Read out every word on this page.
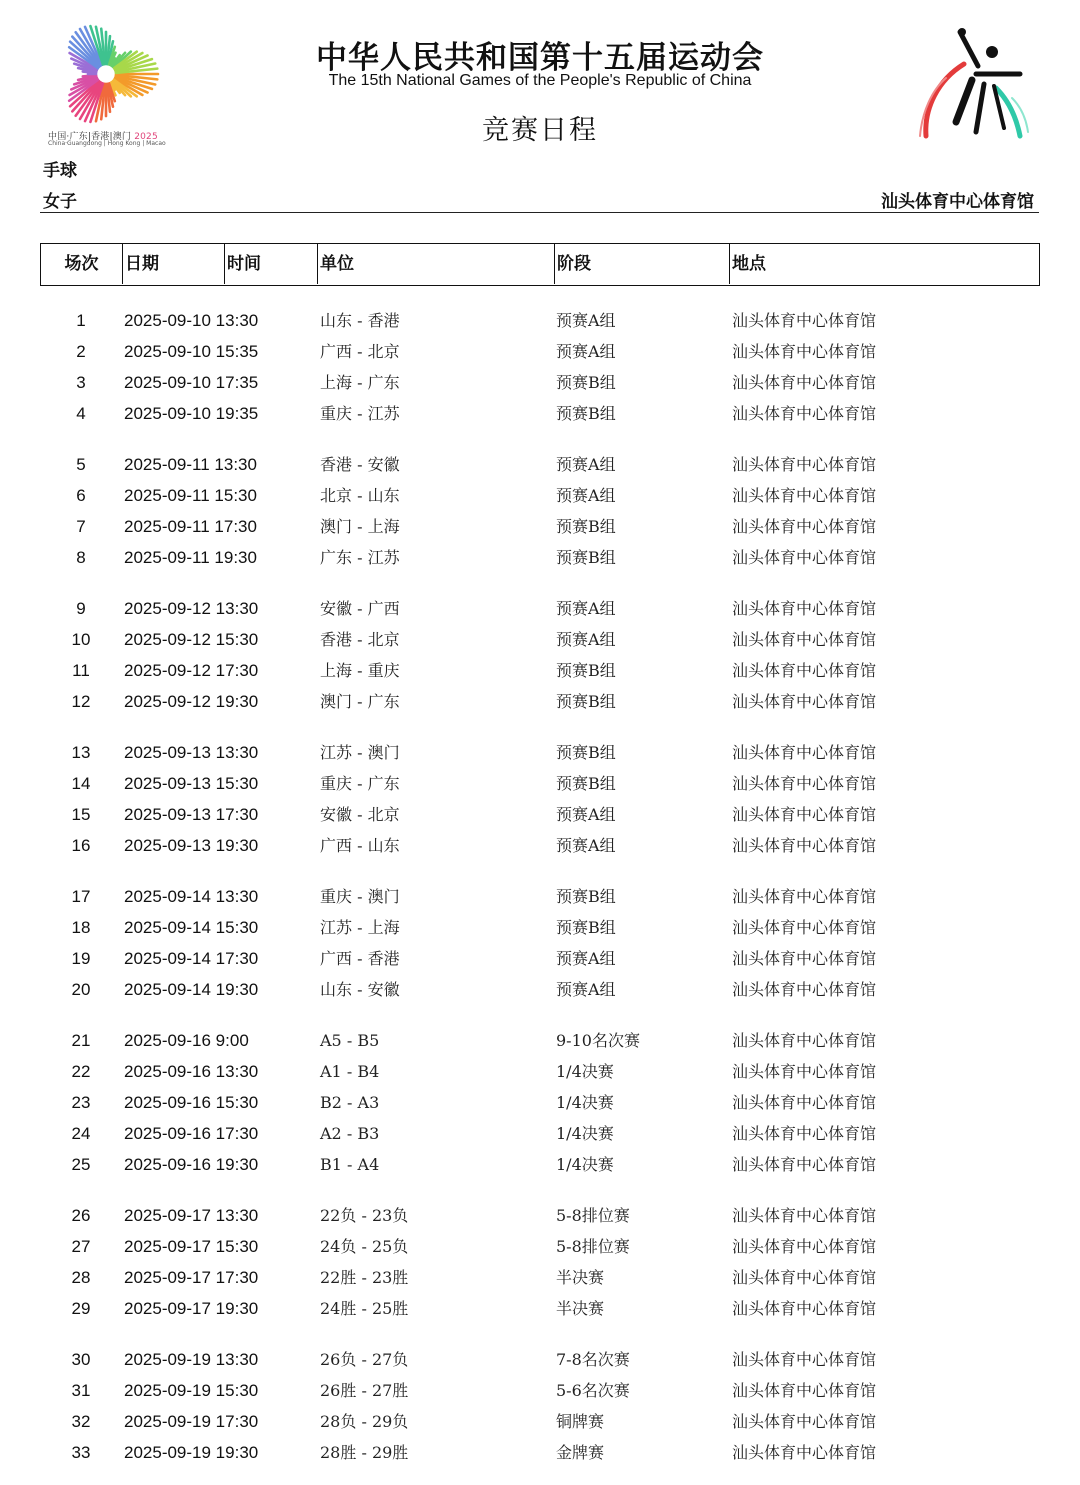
中国·广东|香港|澳门 2025
China·Guangdong | Hong Kong | Macao
中华人民共和国第十五届运动会
The 15th National Games of the People's Republic of China
竞赛日程
手球
女子	汕头体育中心体育馆
场次	日期	时间	单位	阶段	地点
1	2025-09-10 13:30	山东 - 香港	预赛A组	汕头体育中心体育馆
2	2025-09-10 15:35	广西 - 北京	预赛A组	汕头体育中心体育馆
3	2025-09-10 17:35	上海 - 广东	预赛B组	汕头体育中心体育馆
4	2025-09-10 19:35	重庆 - 江苏	预赛B组	汕头体育中心体育馆
5	2025-09-11 13:30	香港 - 安徽	预赛A组	汕头体育中心体育馆
6	2025-09-11 15:30	北京 - 山东	预赛A组	汕头体育中心体育馆
7	2025-09-11 17:30	澳门 - 上海	预赛B组	汕头体育中心体育馆
8	2025-09-11 19:30	广东 - 江苏	预赛B组	汕头体育中心体育馆
9	2025-09-12 13:30	安徽 - 广西	预赛A组	汕头体育中心体育馆
10	2025-09-12 15:30	香港 - 北京	预赛A组	汕头体育中心体育馆
11	2025-09-12 17:30	上海 - 重庆	预赛B组	汕头体育中心体育馆
12	2025-09-12 19:30	澳门 - 广东	预赛B组	汕头体育中心体育馆
13	2025-09-13 13:30	江苏 - 澳门	预赛B组	汕头体育中心体育馆
14	2025-09-13 15:30	重庆 - 广东	预赛B组	汕头体育中心体育馆
15	2025-09-13 17:30	安徽 - 北京	预赛A组	汕头体育中心体育馆
16	2025-09-13 19:30	广西 - 山东	预赛A组	汕头体育中心体育馆
17	2025-09-14 13:30	重庆 - 澳门	预赛B组	汕头体育中心体育馆
18	2025-09-14 15:30	江苏 - 上海	预赛B组	汕头体育中心体育馆
19	2025-09-14 17:30	广西 - 香港	预赛A组	汕头体育中心体育馆
20	2025-09-14 19:30	山东 - 安徽	预赛A组	汕头体育中心体育馆
21	2025-09-16 9:00	A5 - B5	9-10名次赛	汕头体育中心体育馆
22	2025-09-16 13:30	A1 - B4	1/4决赛	汕头体育中心体育馆
23	2025-09-16 15:30	B2 - A3	1/4决赛	汕头体育中心体育馆
24	2025-09-16 17:30	A2 - B3	1/4决赛	汕头体育中心体育馆
25	2025-09-16 19:30	B1 - A4	1/4决赛	汕头体育中心体育馆
26	2025-09-17 13:30	22负 - 23负	5-8排位赛	汕头体育中心体育馆
27	2025-09-17 15:30	24负 - 25负	5-8排位赛	汕头体育中心体育馆
28	2025-09-17 17:30	22胜 - 23胜	半决赛	汕头体育中心体育馆
29	2025-09-17 19:30	24胜 - 25胜	半决赛	汕头体育中心体育馆
30	2025-09-19 13:30	26负 - 27负	7-8名次赛	汕头体育中心体育馆
31	2025-09-19 15:30	26胜 - 27胜	5-6名次赛	汕头体育中心体育馆
32	2025-09-19 17:30	28负 - 29负	铜牌赛	汕头体育中心体育馆
33	2025-09-19 19:30	28胜 - 29胜	金牌赛	汕头体育中心体育馆
